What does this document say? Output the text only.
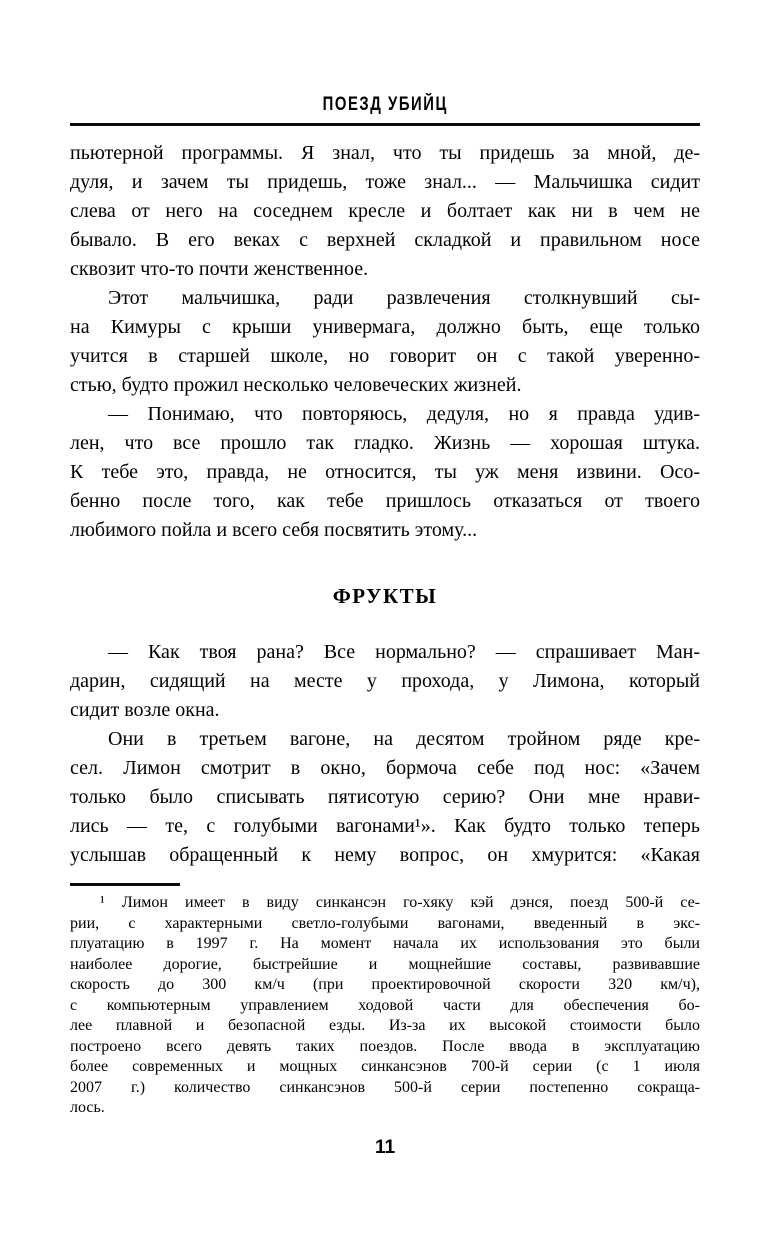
ПОЕЗД УБИЙЦ
пьютерной программы. Я знал, что ты придешь за мной, де-
дуля, и зачем ты придешь, тоже знал... — Мальчишка сидит
слева от него на соседнем кресле и болтает как ни в чем не
бывало. В его веках с верхней складкой и правильном носе
сквозит что-то почти женственное.
Этот мальчишка, ради развлечения столкнувший сы-
на Кимуры с крыши универмага, должно быть, еще только
учится в старшей школе, но говорит он с такой уверенно-
стью, будто прожил несколько человеческих жизней.
— Понимаю, что повторяюсь, дедуля, но я правда удив-
лен, что все прошло так гладко. Жизнь — хорошая штука.
К тебе это, правда, не относится, ты уж меня извини. Осо-
бенно после того, как тебе пришлось отказаться от твоего
любимого пойла и всего себя посвятить этому...
ФРУКТЫ
— Как твоя рана? Все нормально? — спрашивает Ман-
дарин, сидящий на месте у прохода, у Лимона, который
сидит возле окна.
Они в третьем вагоне, на десятом тройном ряде кре-
сел. Лимон смотрит в окно, бормоча себе под нос: «Зачем
только было списывать пятисотую серию? Они мне нрави-
лись — те, с голубыми вагонами¹». Как будто только теперь
услышав обращенный к нему вопрос, он хмурится: «Какая
¹ Лимон имеет в виду синкансэн го-хяку кэй дэнся, поезд 500-й се-
рии, с характерными светло-голубыми вагонами, введенный в экс-
плуатацию в 1997 г. На момент начала их использования это были
наиболее дорогие, быстрейшие и мощнейшие составы, развивавшие
скорость до 300 км/ч (при проектировочной скорости 320 км/ч),
с компьютерным управлением ходовой части для обеспечения бо-
лее плавной и безопасной езды. Из-за их высокой стоимости было
построено всего девять таких поездов. После ввода в эксплуатацию
более современных и мощных синкансэнов 700-й серии (с 1 июля
2007 г.) количество синкансэнов 500-й серии постепенно сокраща-
лось.
11
